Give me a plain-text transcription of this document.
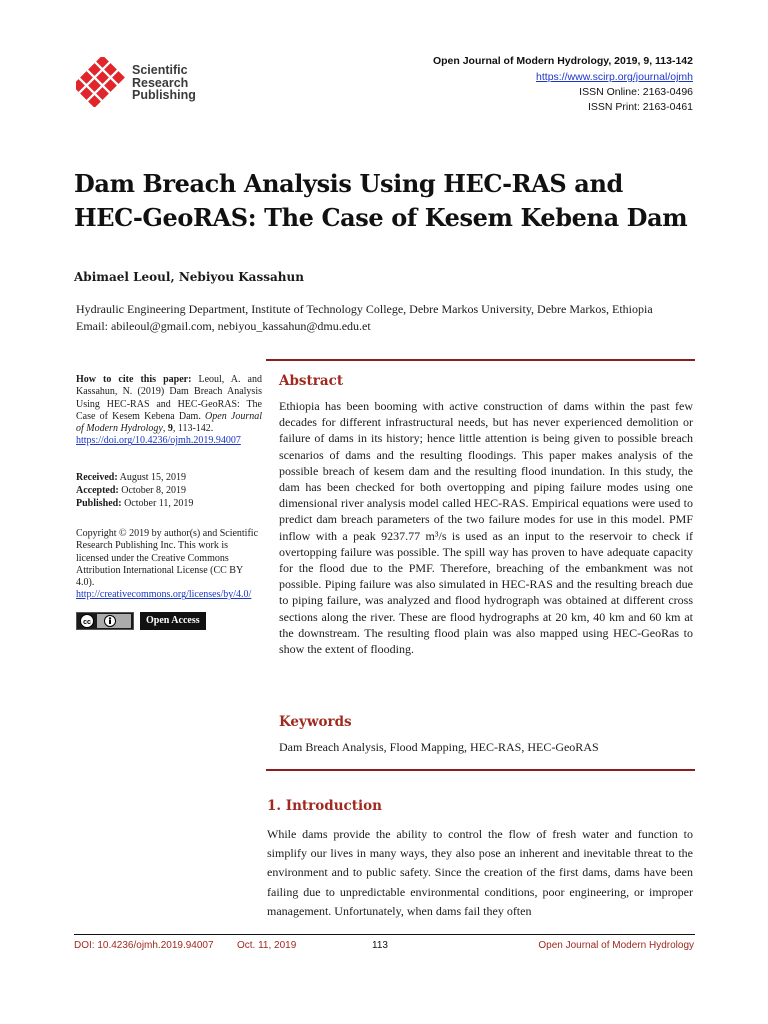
Scientific
Research
Publishing
Open Journal of Modern Hydrology, 2019, 9, 113-142
https://www.scirp.org/journal/ojmh
ISSN Online: 2163-0496
ISSN Print: 2163-0461
Dam Breach Analysis Using HEC-RAS and
HEC-GeoRAS: The Case of Kesem Kebena Dam
Abimael Leoul, Nebiyou Kassahun
Hydraulic Engineering Department, Institute of Technology College, Debre Markos University, Debre Markos, Ethiopia
Email: abileoul@gmail.com, nebiyou_kassahun@dmu.edu.et
How to cite this paper: Leoul, A. and Kassahun, N. (2019) Dam Breach Analysis Using HEC-RAS and HEC-GeoRAS: The Case of Kesem Kebena Dam. Open Journal of Modern Hydrology, 9, 113-142.
https://doi.org/10.4236/ojmh.2019.94007
Received: August 15, 2019
Accepted: October 8, 2019
Published: October 11, 2019
Copyright © 2019 by author(s) and Scientific Research Publishing Inc. This work is licensed under the Creative Commons Attribution International License (CC BY 4.0).
http://creativecommons.org/licenses/by/4.0/
cc	Open Access
Abstract
Ethiopia has been booming with active construction of dams within the past few decades for different infrastructural needs, but has never experienced demolition or failure of dams in its history; hence little attention is being given to possible breach scenarios of dams and the resulting floodings. This paper makes analysis of the possible breach of kesem dam and the resulting flood inundation. In this study, the dam has been checked for both overtopping and piping failure modes using one dimensional river analysis model called HEC-RAS. Empirical equations were used to predict dam breach parameters of the two failure modes for use in this model. PMF inflow with a peak 9237.77 m³/s is used as an input to the reservoir to check if overtopping failure was possible. The spill way has proven to have adequate capacity for the flood due to the PMF. Therefore, breaching of the embankment was not possible. Piping failure was also simulated in HEC-RAS and the resulting breach due to piping failure, was analyzed and flood hydrograph was obtained at different cross sections along the river. These are flood hydrographs at 20 km, 40 km and 60 km at the downstream. The resulting flood plain was also mapped using HEC-GeoRas to show the extent of flooding.
Keywords
Dam Breach Analysis, Flood Mapping, HEC-RAS, HEC-GeoRAS
1. Introduction
While dams provide the ability to control the flow of fresh water and function to simplify our lives in many ways, they also pose an inherent and inevitable threat to the environment and to public safety. Since the creation of the first dams, dams have been failing due to unpredictable environmental conditions, poor engineering, or improper management. Unfortunately, when dams fail they often
DOI: 10.4236/ojmh.2019.94007 Oct. 11, 2019	113	Open Journal of Modern Hydrology
